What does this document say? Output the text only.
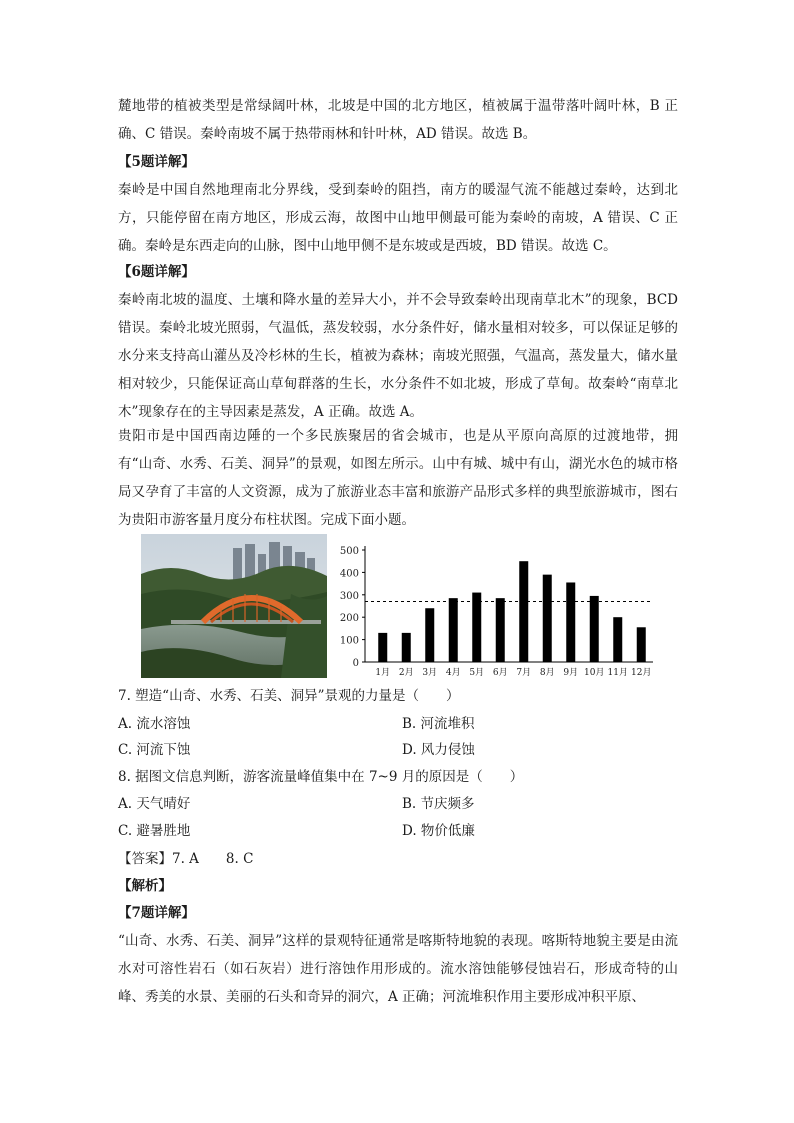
麓地带的植被类型是常绿阔叶林，北坡是中国的北方地区，植被属于温带落叶阔叶林，B 正确、C 错误。秦岭南坡不属于热带雨林和针叶林，AD 错误。故选 B。

【5题详解】

秦岭是中国自然地理南北分界线，受到秦岭的阻挡，南方的暖湿气流不能越过秦岭，达到北方，只能停留在南方地区，形成云海，故图中山地甲侧最可能为秦岭的南坡，A 错误、C 正确。秦岭是东西走向的山脉，图中山地甲侧不是东坡或是西坡，BD 错误。故选 C。

【6题详解】

秦岭南北坡的温度、土壤和降水量的差异大小，并不会导致秦岭出现南草北木”的现象，BCD 错误。秦岭北坡光照弱，气温低，蒸发较弱，水分条件好，储水量相对较多，可以保证足够的水分来支持高山灌丛及冷杉林的生长，植被为森林；南坡光照强，气温高，蒸发量大，储水量相对较少，只能保证高山草甸群落的生长，水分条件不如北坡，形成了草甸。故秦岭“南草北木”现象存在的主导因素是蒸发，A 正确。故选 A。

贵阳市是中国西南边陲的一个多民族聚居的省会城市，也是从平原向高原的过渡地带，拥有“山奇、水秀、石美、洞异”的景观，如图左所示。山中有城、城中有山，湖光水色的城市格局又孕育了丰富的人文资源，成为了旅游业态丰富和旅游产品形式多样的典型旅游城市，图右为贵阳市游客量月度分布柱状图。完成下面小题。

0
100
200
300
400
500
1月 2月 3月 4月 5月 6月 7月 8月 9月 10月 11月 12月

7. 塑造“山奇、水秀、石美、洞异”景观的力量是（　　）

A. 流水溶蚀	B. 河流堆积
C. 河流下蚀	D. 风力侵蚀

8. 据图文信息判断，游客流量峰值集中在 7~9 月的原因是（　　）

A. 天气晴好	B. 节庆频多
C. 避暑胜地	D. 物价低廉

【答案】7. A　　8. C

【解析】

【7题详解】

“山奇、水秀、石美、洞异”这样的景观特征通常是喀斯特地貌的表现。喀斯特地貌主要是由流水对可溶性岩石（如石灰岩）进行溶蚀作用形成的。流水溶蚀能够侵蚀岩石，形成奇特的山峰、秀美的水景、美丽的石头和奇异的洞穴，A 正确；河流堆积作用主要形成冲积平原、
